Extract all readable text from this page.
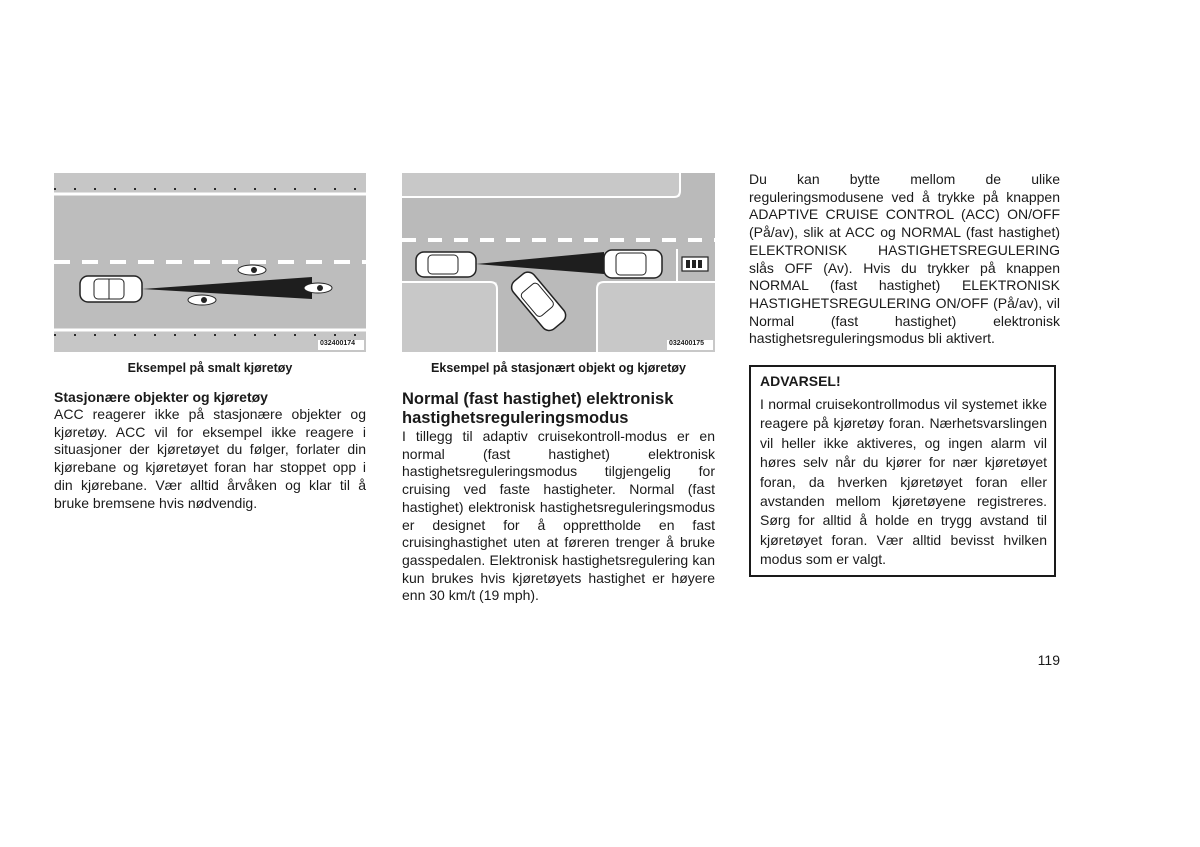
032400174
Eksempel på smalt kjøretøy
Stasjonære objekter og kjøretøy

ACC reagerer ikke på stasjonære objekter og kjøretøy. ACC vil for eksempel ikke reagere i situasjoner der kjøretøyet du følger, forlater din kjørebane og kjøretøyet foran har stoppet opp i din kjørebane. Vær alltid årvåken og klar til å bruke bremsene hvis nødvendig.

032400175
Eksempel på stasjonært objekt og kjøretøy
Normal (fast hastighet) elektronisk hastighetsreguleringsmodus

I tillegg til adaptiv cruisekontroll-modus er en normal (fast hastighet) elektronisk hastighetsreguleringsmodus tilgjengelig for cruising ved faste hastigheter. Normal (fast hastighet) elektronisk hastighetsreguleringsmodus er designet for å opprettholde en fast cruisinghastighet uten at føreren trenger å bruke gasspedalen. Elektronisk hastighetsregulering kan kun brukes hvis kjøretøyets hastighet er høyere enn 30 km/t (19 mph).

Du kan bytte mellom de ulike reguleringsmodusene ved å trykke på knappen ADAPTIVE CRUISE CONTROL (ACC) ON/OFF (På/av), slik at ACC og NORMAL (fast hastighet) ELEKTRONISK HASTIGHETSREGULERING slås OFF (Av). Hvis du trykker på knappen NORMAL (fast hastighet) ELEKTRONISK HASTIGHETSREGULERING ON/OFF (På/av), vil Normal (fast hastighet) elektronisk hastighetsreguleringsmodus bli aktivert.

ADVARSEL!

I normal cruisekontrollmodus vil systemet ikke reagere på kjøretøy foran. Nærhetsvarslingen vil heller ikke aktiveres, og ingen alarm vil høres selv når du kjører for nær kjøretøyet foran, da hverken kjøretøyet foran eller avstanden mellom kjøretøyene registreres. Sørg for alltid å holde en trygg avstand til kjøretøyet foran. Vær alltid bevisst hvilken modus som er valgt.

119
